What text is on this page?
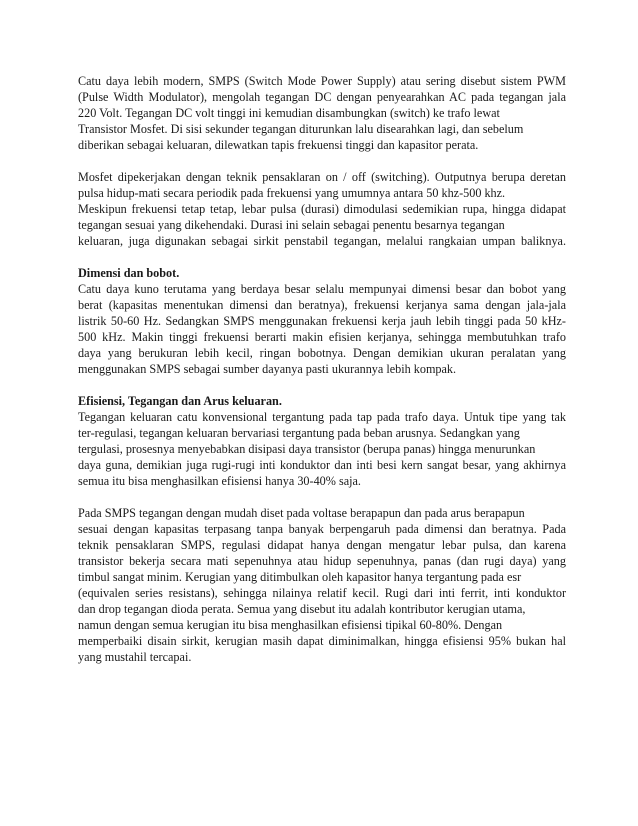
Catu daya lebih modern, SMPS (Switch Mode Power Supply) atau sering disebut sistem PWM
(Pulse Width Modulator), mengolah tegangan DC dengan penyearahkan AC pada tegangan jala
220 Volt. Tegangan DC volt tinggi ini kemudian disambungkan (switch) ke trafo lewat
Transistor Mosfet. Di sisi sekunder tegangan diturunkan lalu disearahkan lagi, dan sebelum
diberikan sebagai keluaran, dilewatkan tapis frekuensi tinggi dan kapasitor perata.
Mosfet dipekerjakan dengan teknik pensaklaran on / off (switching). Outputnya berupa deretan
pulsa hidup-mati secara periodik pada frekuensi yang umumnya antara 50 khz-500 khz.
Meskipun frekuensi tetap tetap, lebar pulsa (durasi) dimodulasi sedemikian rupa, hingga didapat
tegangan sesuai yang dikehendaki. Durasi ini selain sebagai penentu besarnya tegangan
keluaran, juga digunakan sebagai sirkit penstabil tegangan, melalui rangkaian umpan baliknya.
Dimensi dan bobot.
Catu daya kuno terutama yang berdaya besar selalu mempunyai dimensi besar dan bobot yang
berat (kapasitas menentukan dimensi dan beratnya), frekuensi kerjanya sama dengan jala-jala
listrik 50-60 Hz. Sedangkan SMPS menggunakan frekuensi kerja jauh lebih tinggi pada 50 kHz-
500 kHz. Makin tinggi frekuensi berarti makin efisien kerjanya, sehingga membutuhkan trafo
daya yang berukuran lebih kecil, ringan bobotnya. Dengan demikian ukuran peralatan yang
menggunakan SMPS sebagai sumber dayanya pasti ukurannya lebih kompak.
Efisiensi, Tegangan dan Arus keluaran.
Tegangan keluaran catu konvensional tergantung pada tap pada trafo daya. Untuk tipe yang tak
ter-regulasi, tegangan keluaran bervariasi tergantung pada beban arusnya. Sedangkan yang
tergulasi, prosesnya menyebabkan disipasi daya transistor (berupa panas) hingga menurunkan
daya guna, demikian juga rugi-rugi inti konduktor dan inti besi kern sangat besar, yang akhirnya
semua itu bisa menghasilkan efisiensi hanya 30-40% saja.
Pada SMPS tegangan dengan mudah diset pada voltase berapapun dan pada arus berapapun
sesuai dengan kapasitas terpasang tanpa banyak berpengaruh pada dimensi dan beratnya. Pada
teknik pensaklaran SMPS, regulasi didapat hanya dengan mengatur lebar pulsa, dan karena
transistor bekerja secara mati sepenuhnya atau hidup sepenuhnya, panas (dan rugi daya) yang
timbul sangat minim. Kerugian yang ditimbulkan oleh kapasitor hanya tergantung pada esr
(equivalen series resistans), sehingga nilainya relatif kecil. Rugi dari inti ferrit, inti konduktor
dan drop tegangan dioda perata. Semua yang disebut itu adalah kontributor kerugian utama,
namun dengan semua kerugian itu bisa menghasilkan efisiensi tipikal 60-80%. Dengan
memperbaiki disain sirkit, kerugian masih dapat diminimalkan, hingga efisiensi 95% bukan hal
yang mustahil tercapai.
